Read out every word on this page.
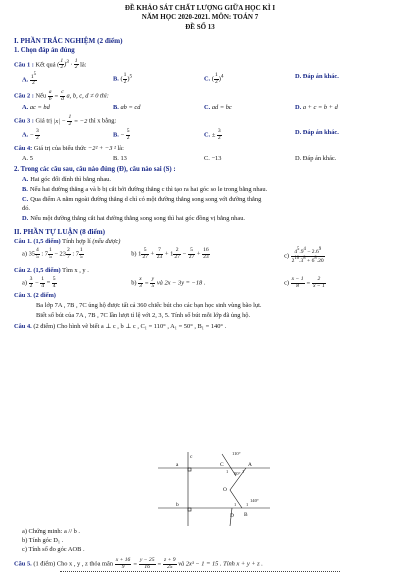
ĐỀ KHẢO SÁT CHẤT LƯỢNG GIỮA HỌC KÌ I
NĂM HỌC 2020-2021. MÔN: TOÁN 7
ĐỀ SỐ 13
I. PHẦN TRẮC NGHIỆM (2 điểm)
1. Chọn đáp án đúng
Câu 1 : Kết quả ( $\frac{1}{2} )^3 \cdot \frac{1}{2}$ là:
A. $\frac{1^5}{2}$	B. ( $\frac{1}{2} )^5$	C. ( $\frac{1}{2} )^4$	D. Đáp án khác.
Câu 2 : Nếu $\frac{a}{b} = \frac{c}{d} a$, b, c, d ≠ 0 thì:
A. ac = bd	B. ab = cd	C. ad = bc	D. a + c = b + d
Câu 3 : Giá trị $|x| - \frac{1}{2} = -2$ thì x bằng:
A. − $\frac{3}{2}$	B. − $\frac{5}{2}$	C. ± $\frac{3}{2}$	D. Đáp án khác.
Câu 4: Giá trị của biểu thức −2² + −3 ² là:
A. 5	B. 13	C. −13	D. Đáp án khác.
2. Trong các câu sau, câu nào đúng (Đ), câu nào sai (S) :
A. Hai góc đối đỉnh thì bằng nhau.
B. Nếu hai đường thẳng a và b bị cắt bởi đường thẳng c thì tạo ra hai góc so le trong bằng nhau.
C. Qua điểm A nằm ngoài đường thẳng d chỉ có một đường thẳng song song với đường thẳng
đó.
D. Nếu một đường thẳng cắt hai đường thẳng song song thì hai góc đồng vị bằng nhau.
II. PHẦN TỰ LUẬN (8 điểm)
Câu 1. (1,5 điểm) Tính hợp lí (nếu được)
a) $35 \frac{4}{5}$ : $7 \frac{1}{5} - 23 \frac{2}{7}$ : $7 \frac{1}{5}$	b) $1 \frac{5}{27} + \frac{7}{23} + 1 \frac{2}{27} - \frac{5}{27} + \frac{16}{23}$	$c) \frac{4^5.9^4 - 2.6^9}{2^{10}.3^8 + 6^8.20}$
Câu 2. (1,5 điểm) Tìm x , y .
$a) \frac{3}{2} - \frac{1}{4} = \frac{5}{4}$	$b) \frac{x}{3} = \frac{y}{5}$ và 2x − 3y = −18 .	$c) \frac{x - 1}{8} = \frac{2}{x - 1}$
Câu 3. (2 điểm)
Ba lớp 7A , 7B , 7C ủng hộ được tất cả 360 chiếc bút cho các bạn học sinh vùng bão lụt.
Biết số bút của 7A , 7B , 7C lần lượt tỉ lệ với 2, 3, 5. Tính số bút mỗi lớp đã ủng hộ.
Câu 4. (2 điểm) Cho hình vẽ biết a ⊥ c , b ⊥ c , C₁ = 110° , A₁ = 50° , B₁ = 140° .
c
a
b
C	A
O
D B
1	1
1 1
110°
50°
140°
a) Chứng minh: a // b .
b) Tính góc D₁ .
c) Tính số đo góc AOB .
Câu 5. (1 điểm) Cho x , y , z thỏa mãn $\frac{x + 16}{9} = \frac{y - 25}{16} = \frac{z + 9}{25}$ và 2x³ − 1 = 15 . Tính x + y + z .
